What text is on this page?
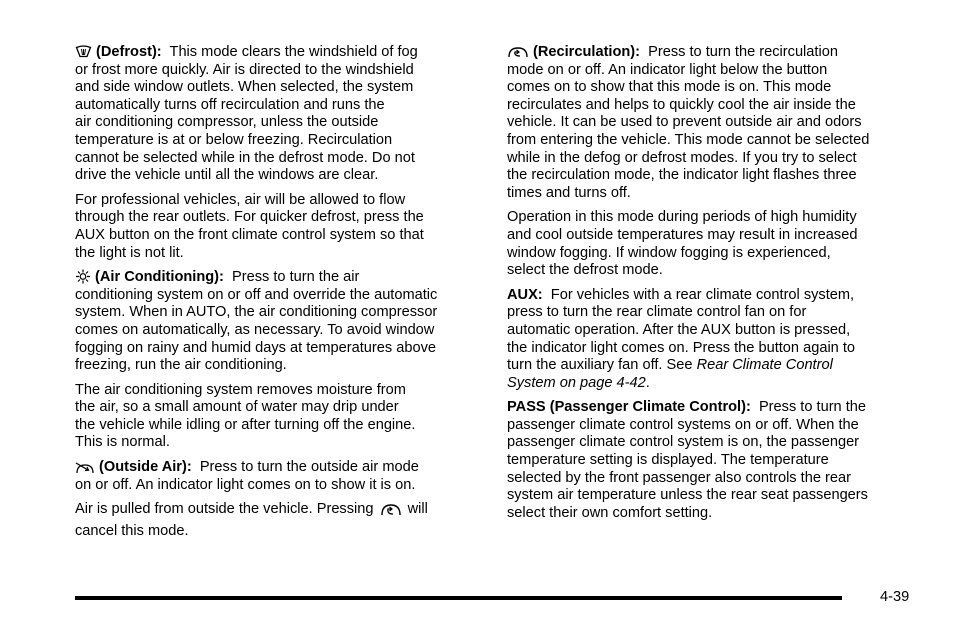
(Defrost): This mode clears the windshield of fog
or frost more quickly. Air is directed to the windshield
and side window outlets. When selected, the system
automatically turns off recirculation and runs the
air conditioning compressor, unless the outside
temperature is at or below freezing. Recirculation
cannot be selected while in the defrost mode. Do not
drive the vehicle until all the windows are clear.
For professional vehicles, air will be allowed to flow
through the rear outlets. For quicker defrost, press the
AUX button on the front climate control system so that
the light is not lit.
(Air Conditioning): Press to turn the air
conditioning system on or off and override the automatic
system. When in AUTO, the air conditioning compressor
comes on automatically, as necessary. To avoid window
fogging on rainy and humid days at temperatures above
freezing, run the air conditioning.
The air conditioning system removes moisture from
the air, so a small amount of water may drip under
the vehicle while idling or after turning off the engine.
This is normal.
(Outside Air): Press to turn the outside air mode
on or off. An indicator light comes on to show it is on.
Air is pulled from outside the vehicle. Pressing will
cancel this mode.
(Recirculation): Press to turn the recirculation
mode on or off. An indicator light below the button
comes on to show that this mode is on. This mode
recirculates and helps to quickly cool the air inside the
vehicle. It can be used to prevent outside air and odors
from entering the vehicle. This mode cannot be selected
while in the defog or defrost modes. If you try to select
the recirculation mode, the indicator light flashes three
times and turns off.
Operation in this mode during periods of high humidity
and cool outside temperatures may result in increased
window fogging. If window fogging is experienced,
select the defrost mode.
AUX: For vehicles with a rear climate control system,
press to turn the rear climate control fan on for
automatic operation. After the AUX button is pressed,
the indicator light comes on. Press the button again to
turn the auxiliary fan off. See Rear Climate Control
System on page 4-42.
PASS (Passenger Climate Control): Press to turn the
passenger climate control systems on or off. When the
passenger climate control system is on, the passenger
temperature setting is displayed. The temperature
selected by the front passenger also controls the rear
system air temperature unless the rear seat passengers
select their own comfort setting.
4-39
